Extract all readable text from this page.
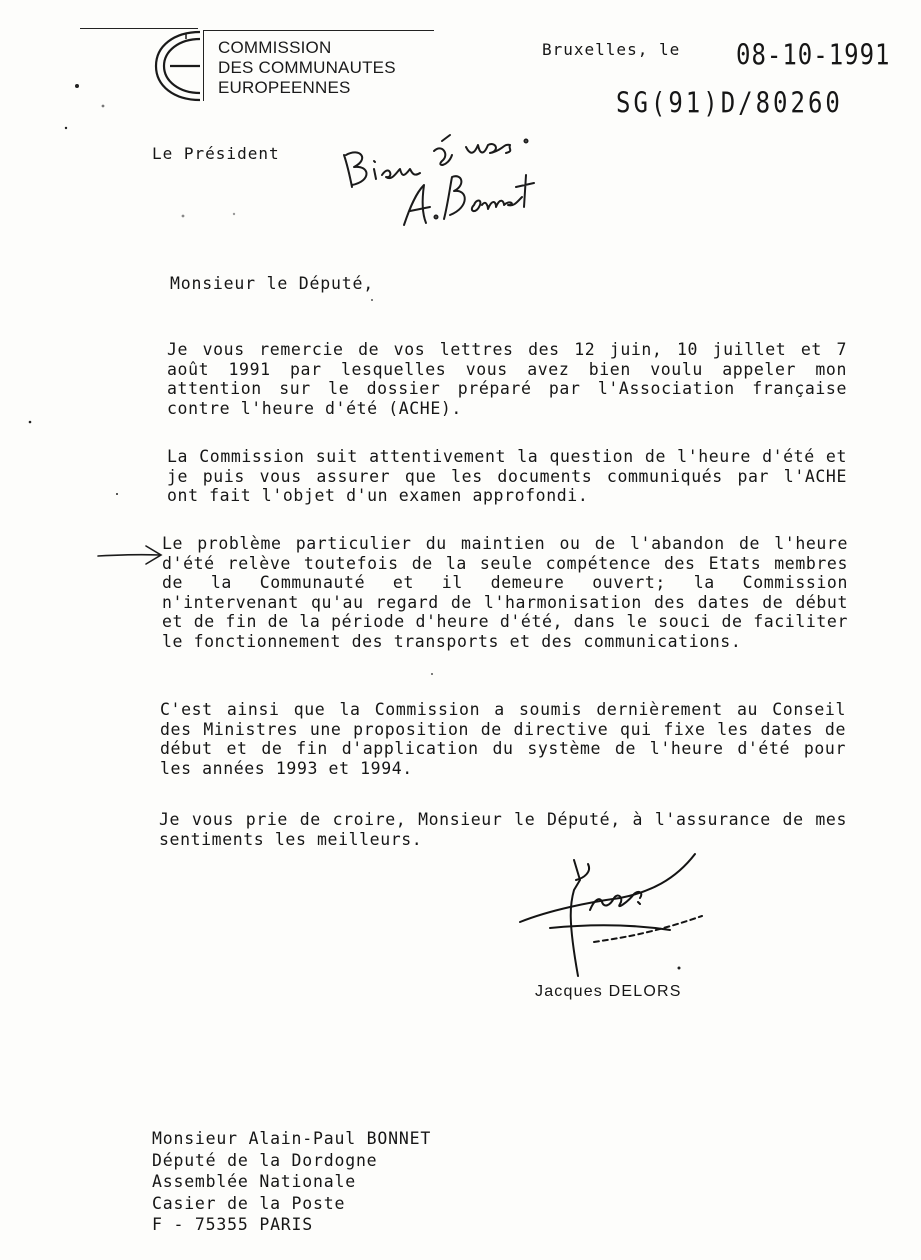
COMMISSION
DES COMMUNAUTES
EUROPEENNES
Bruxelles, le 08-10-1991
SG(91)D/80260
Le Président
Monsieur le Député,

Je vous remercie de vos lettres des 12 juin, 10 juillet et 7 août 1991 par lesquelles vous avez bien voulu appeler mon attention sur le dossier préparé par l'Association française contre l'heure d'été (ACHE).

La Commission suit attentivement la question de l'heure d'été et je puis vous assurer que les documents communiqués par l'ACHE ont fait l'objet d'un examen approfondi.

Le problème particulier du maintien ou de l'abandon de l'heure d'été relève toutefois de la seule compétence des Etats membres de la Communauté et il demeure ouvert; la Commission n'intervenant qu'au regard de l'harmonisation des dates de début et de fin de la période d'heure d'été, dans le souci de faciliter le fonctionnement des transports et des communications.

C'est ainsi que la Commission a soumis dernièrement au Conseil des Ministres une proposition de directive qui fixe les dates de début et de fin d'application du système de l'heure d'été pour les années 1993 et 1994.

Je vous prie de croire, Monsieur le Député, à l'assurance de mes sentiments les meilleurs.

Jacques DELORS
Monsieur Alain-Paul BONNET
Député de la Dordogne
Assemblée Nationale
Casier de la Poste
F - 75355 PARIS
